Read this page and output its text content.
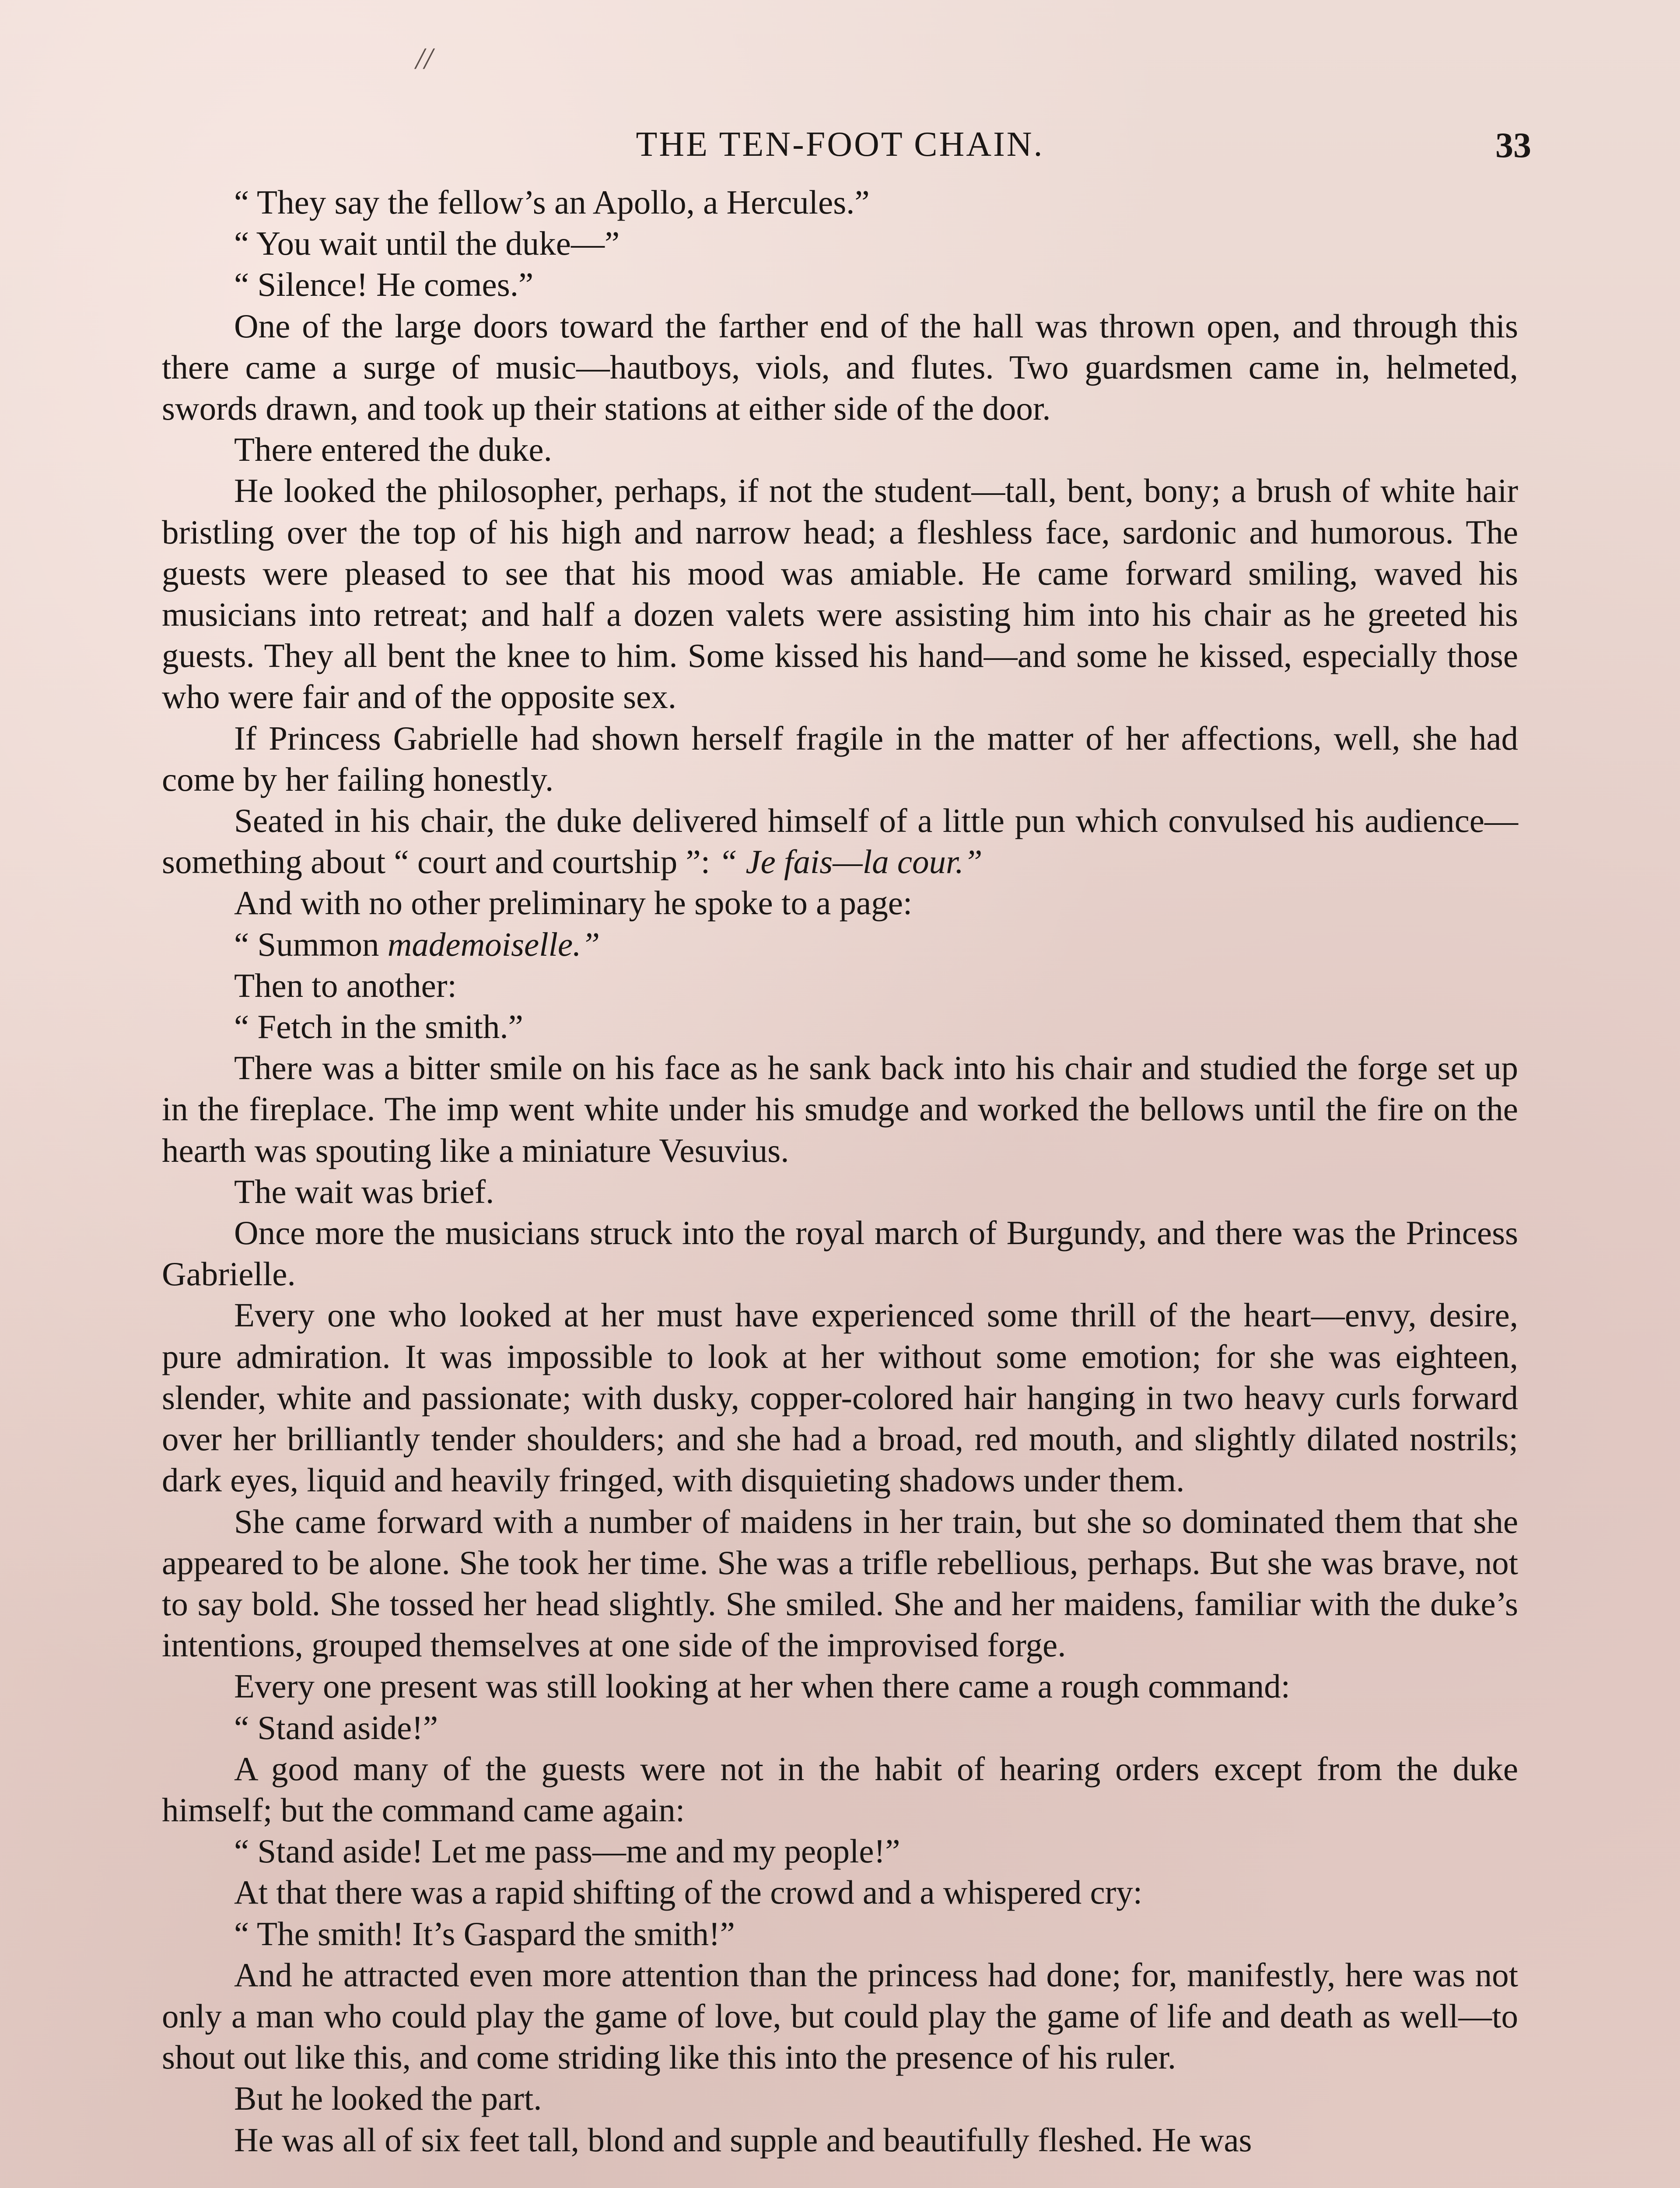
//
THE TEN-FOOT CHAIN.	33

“ They say the fellow’s an Apollo, a Hercules.”

“ You wait until the duke—”

“ Silence! He comes.”

One of the large doors toward the farther end of the hall was thrown open, and through this there came a surge of music—hautboys, viols, and flutes. Two guardsmen came in, helmeted, swords drawn, and took up their stations at either side of the door.

There entered the duke.

He looked the philosopher, perhaps, if not the student—tall, bent, bony; a brush of white hair bristling over the top of his high and narrow head; a fleshless face, sardonic and humorous. The guests were pleased to see that his mood was amiable. He came forward smiling, waved his musicians into retreat; and half a dozen valets were assisting him into his chair as he greeted his guests. They all bent the knee to him. Some kissed his hand—and some he kissed, especially those who were fair and of the opposite sex.

If Princess Gabrielle had shown herself fragile in the matter of her affections, well, she had come by her failing honestly.

Seated in his chair, the duke delivered himself of a little pun which convulsed his audience—something about “ court and courtship ”: “ Je fais—la cour.”

And with no other preliminary he spoke to a page:

“ Summon mademoiselle.”

Then to another:

“ Fetch in the smith.”

There was a bitter smile on his face as he sank back into his chair and studied the forge set up in the fireplace. The imp went white under his smudge and worked the bellows until the fire on the hearth was spouting like a miniature Vesuvius.

The wait was brief.

Once more the musicians struck into the royal march of Burgundy, and there was the Princess Gabrielle.

Every one who looked at her must have experienced some thrill of the heart—envy, desire, pure admiration. It was impossible to look at her without some emotion; for she was eighteen, slender, white and passionate; with dusky, copper-colored hair hanging in two heavy curls forward over her brilliantly tender shoulders; and she had a broad, red mouth, and slightly dilated nostrils; dark eyes, liquid and heavily fringed, with disquieting shadows under them.

She came forward with a number of maidens in her train, but she so dominated them that she appeared to be alone. She took her time. She was a trifle rebellious, perhaps. But she was brave, not to say bold. She tossed her head slightly. She smiled. She and her maidens, familiar with the duke’s intentions, grouped themselves at one side of the improvised forge.

Every one present was still looking at her when there came a rough command:

“ Stand aside!”

A good many of the guests were not in the habit of hearing orders except from the duke himself; but the command came again:

“ Stand aside! Let me pass—me and my people!”

At that there was a rapid shifting of the crowd and a whispered cry:

“ The smith! It’s Gaspard the smith!”

And he attracted even more attention than the princess had done; for, manifestly, here was not only a man who could play the game of love, but could play the game of life and death as well—to shout out like this, and come striding like this into the presence of his ruler.

But he looked the part.

He was all of six feet tall, blond and supple and beautifully fleshed. He was
